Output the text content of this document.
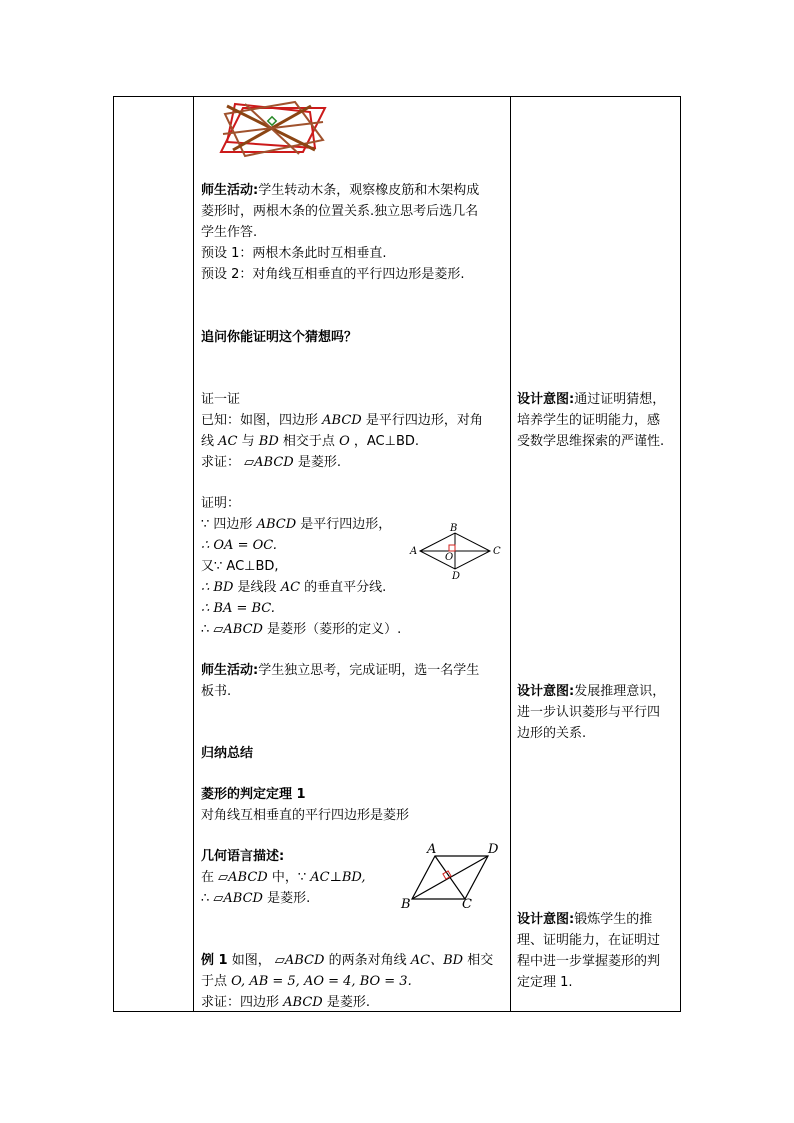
师生活动:学生转动木条，观察橡皮筋和木架构成
菱形时，两根木条的位置关系.独立思考后选几名
学生作答.
预设 1：两根木条此时互相垂直.
预设 2：对角线互相垂直的平行四边形是菱形.
追问你能证明这个猜想吗？
证一证
已知：如图，四边形 ABCD 是平行四边形，对角
线 AC 与 BD 相交于点 O ，AC⊥BD.
求证： ▱ABCD 是菱形.
证明：
∵ 四边形 ABCD 是平行四边形，
∴ OA = OC.
又∵ AC⊥BD,
∴ BD 是线段 AC 的垂直平分线.
∴ BA = BC.
∴ ▱ABCD 是菱形（菱形的定义）.
B
A	C
O
D
师生活动:学生独立思考，完成证明，选一名学生
板书.
归纳总结
菱形的判定定理 1
对角线互相垂直的平行四边形是菱形
几何语言描述:
在 ▱ABCD 中，∵ AC⊥BD,
∴ ▱ABCD 是菱形.
A	D
B	C
例 1 如图， ▱ABCD 的两条对角线 AC、BD 相交
于点 O, AB = 5, AO = 4, BO = 3.
求证：四边形 ABCD 是菱形.
设计意图:通过证明猜想，
培养学生的证明能力，感
受数学思维探索的严谨性.
设计意图:发展推理意识，
进一步认识菱形与平行四
边形的关系.
设计意图:锻炼学生的推
理、证明能力，在证明过
程中进一步掌握菱形的判
定定理 1.
